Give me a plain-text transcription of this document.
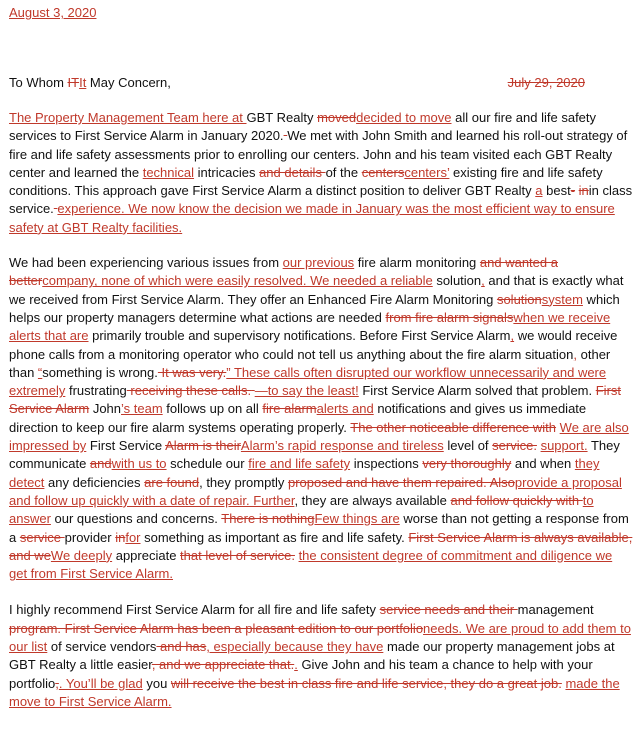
August 3, 2020
To Whom ITIt May Concern,	July 29, 2020

The Property Management Team here at GBT Realty moveddecided to move all our fire and life safety services to First Service Alarm in January 2020. We met with John Smith and learned his roll-out strategy of fire and life safety assessments prior to enrolling our centers. John and his team visited each GBT Realty center and learned the technical intricacies and details of the centerscenters’ existing fire and life safety conditions. This approach gave First Service Alarm a distinct position to deliver GBT Realty a best- inin class service. experience. We now know the decision we made in January was the most efficient way to ensure safety at GBT Realty facilities.

We had been experiencing various issues from our previous fire alarm monitoring and wanted a bettercompany, none of which were easily resolved. We needed a reliable solution, and that is exactly what we received from First Service Alarm. They offer an Enhanced Fire Alarm Monitoring solutionsystem which helps our property managers determine what actions are needed from fire alarm signalswhen we receive alerts that are primarily trouble and supervisory notifications. Before First Service Alarm, we would receive phone calls from a monitoring operator who could not tell us anything about the fire alarm situation, other than “something is wrong. It was very.” These calls often disrupted our workflow unnecessarily and were extremely frustrating receiving these calls. —to say the least! First Service Alarm solved that problem. First Service Alarm John’s team follows up on all fire alarmalerts and notifications and gives us immediate direction to keep our fire alarm systems operating properly. The other noticeable difference with We are also impressed by First Service Alarm is theirAlarm’s rapid response and tireless level of service. support. They communicate andwith us to schedule our fire and life safety inspections very thoroughly and when they detect any deficiencies are found, they promptly proposed and have them repaired. Alsoprovide a proposal and follow up quickly with a date of repair. Further, they are always available and follow quickly with to answer our questions and concerns. There is nothingFew things are worse than not getting a response from a service provider infor something as important as fire and life safety. First Service Alarm is always available, and weWe deeply appreciate that level of service. the consistent degree of commitment and diligence we get from First Service Alarm.

I highly recommend First Service Alarm for all fire and life safety service needs and their management program. First Service Alarm has been a pleasant edition to our portfolioneeds. We are proud to add them to our list of service vendors and has, especially because they have made our property management jobs at GBT Realty a little easier, and we appreciate that.. Give John and his team a chance to help with your portfolio,. You’ll be glad you will receive the best in class fire and life service, they do a great job. made the move to First Service Alarm.
